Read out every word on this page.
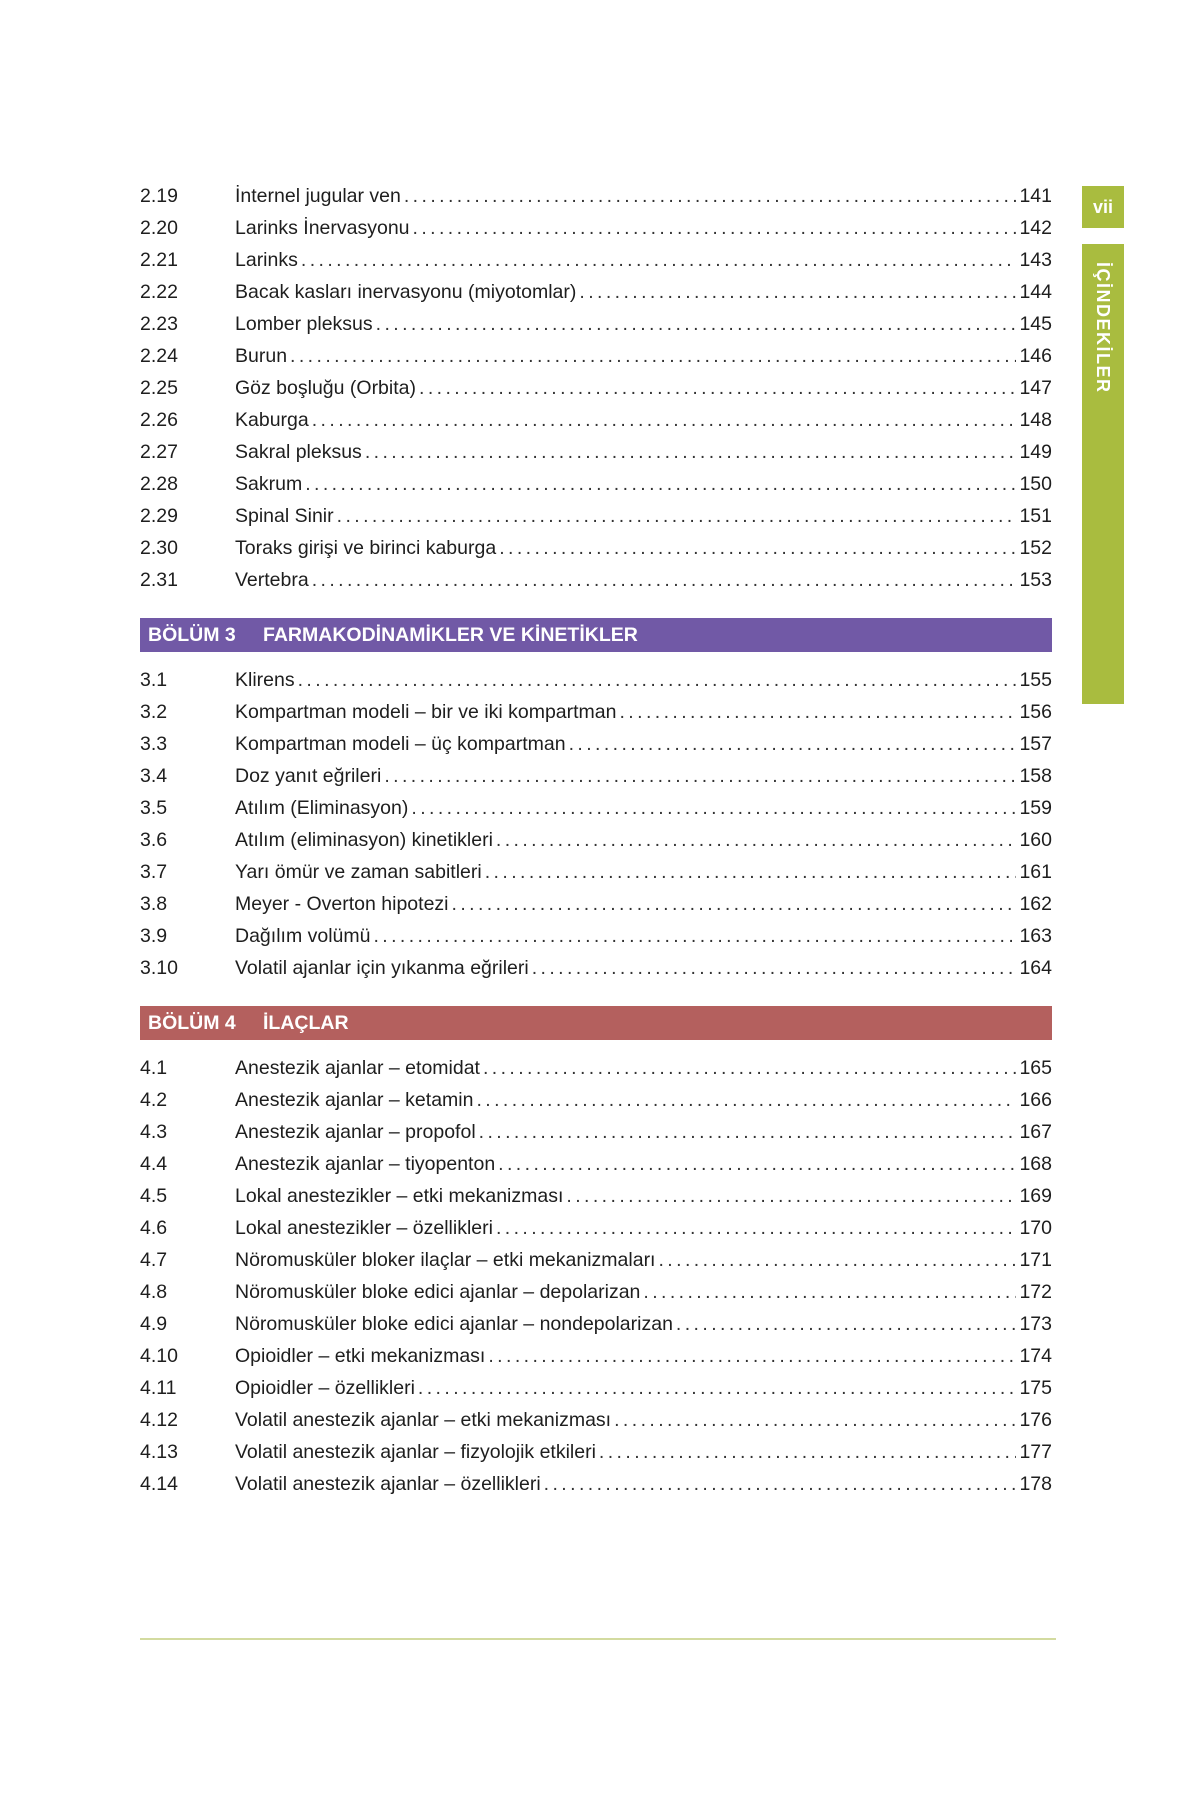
2.19	İnternel jugular ven .....	141
2.20	Larinks İnervasyonu .....	142
2.21	Larinks .....	143
2.22	Bacak kasları inervasyonu (miyotomlar) .....	144
2.23	Lomber pleksus .....	145
2.24	Burun .....	146
2.25	Göz boşluğu (Orbita) .....	147
2.26	Kaburga .....	148
2.27	Sakral pleksus .....	149
2.28	Sakrum .....	150
2.29	Spinal Sinir .....	151
2.30	Toraks girişi ve birinci kaburga .....	152
2.31	Vertebra .....	153
BÖLÜM 3	FARMAKODİNAMİKLER VE KİNETİKLER
3.1	Klirens .....	155
3.2	Kompartman modeli – bir ve iki kompartman .....	156
3.3	Kompartman modeli – üç kompartman .....	157
3.4	Doz yanıt eğrileri .....	158
3.5	Atılım (Eliminasyon) .....	159
3.6	Atılım (eliminasyon) kinetikleri .....	160
3.7	Yarı ömür ve zaman sabitleri .....	161
3.8	Meyer - Overton hipotezi .....	162
3.9	Dağılım volümü .....	163
3.10	Volatil ajanlar için yıkanma eğrileri .....	164
BÖLÜM 4	İLAÇLAR
4.1	Anestezik ajanlar – etomidat .....	165
4.2	Anestezik ajanlar – ketamin .....	166
4.3	Anestezik ajanlar – propofol .....	167
4.4	Anestezik ajanlar – tiyopenton .....	168
4.5	Lokal anestezikler – etki mekanizması .....	169
4.6	Lokal anestezikler – özellikleri .....	170
4.7	Nöromusküler bloker ilaçlar – etki mekanizmaları .....	171
4.8	Nöromusküler bloke edici ajanlar – depolarizan .....	172
4.9	Nöromusküler bloke edici ajanlar – nondepolarizan .....	173
4.10	Opioidler – etki mekanizması .....	174
4.11	Opioidler – özellikleri .....	175
4.12	Volatil anestezik ajanlar – etki mekanizması .....	176
4.13	Volatil anestezik ajanlar – fizyolojik etkileri .....	177
4.14	Volatil anestezik ajanlar – özellikleri .....	178
vii
İÇİNDEKİLER
